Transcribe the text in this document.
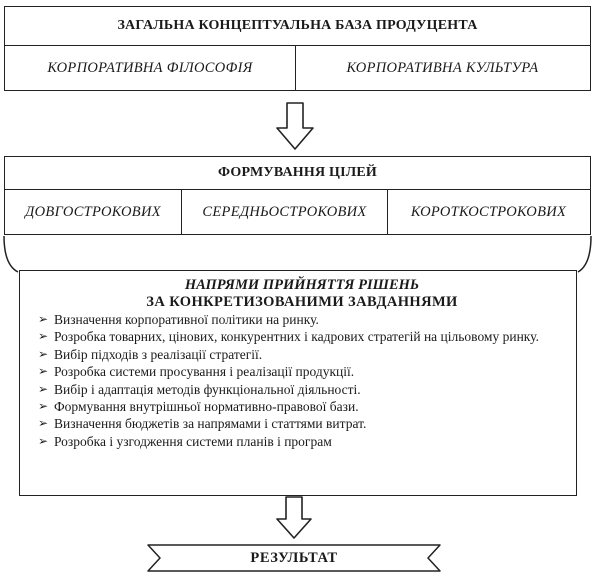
ЗАГАЛЬНА КОНЦЕПТУАЛЬНА БАЗА ПРОДУЦЕНТА
КОРПОРАТИВНА ФІЛОСОФІЯ	КОРПОРАТИВНА КУЛЬТУРА
ФОРМУВАННЯ ЦІЛЕЙ
ДОВГОСТРОКОВИХ	СЕРЕДНЬОСТРОКОВИХ	КОРОТКОСТРОКОВИХ
НАПРЯМИ ПРИЙНЯТТЯ РІШЕНЬ
ЗА КОНКРЕТИЗОВАНИМИ ЗАВДАННЯМИ
➢ Визначення корпоративної політики на ринку.
➢ Розробка товарних, цінових, конкурентних і кадрових стратегій на цільовому ринку.
➢ Вибір підходів з реалізації стратегії.
➢ Розробка системи просування і реалізації продукції.
➢ Вибір і адаптація методів функціональної діяльності.
➢ Формування внутрішньої нормативно-правової бази.
➢ Визначення бюджетів за напрямами і статтями витрат.
➢ Розробка і узгодження системи планів і програм
РЕЗУЛЬТАТ
